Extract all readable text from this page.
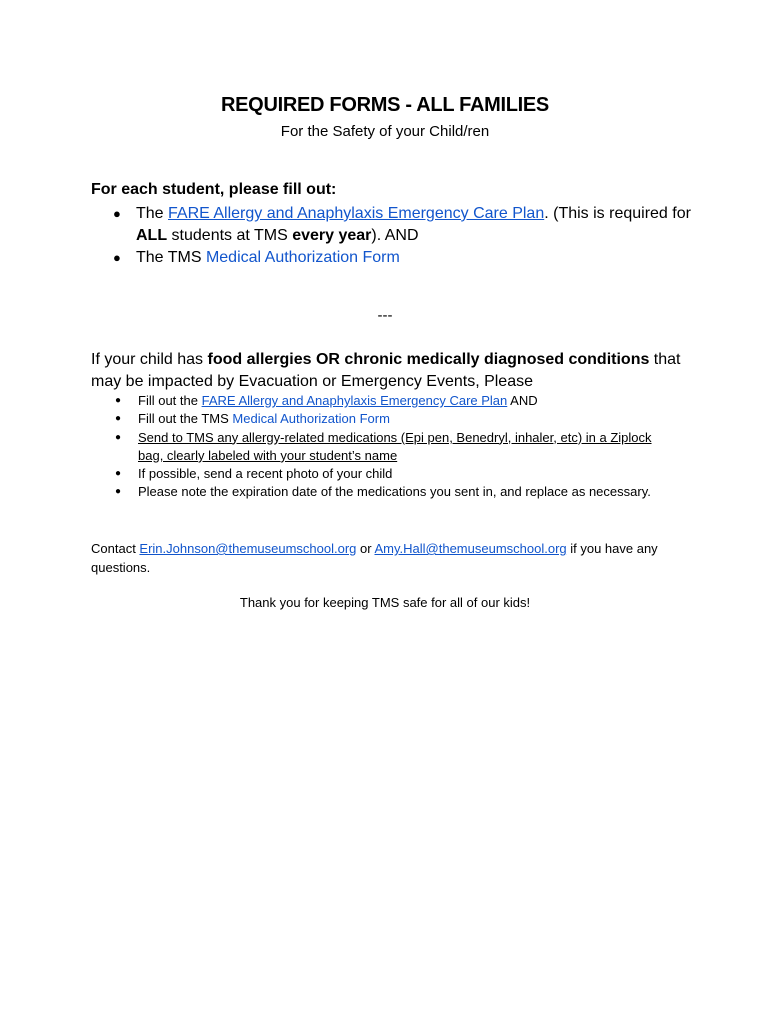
REQUIRED FORMS - ALL FAMILIES
For the Safety of your Child/ren
For each student, please fill out:
● The FARE Allergy and Anaphylaxis Emergency Care Plan. (This is required for ALL students at TMS every year). AND
● The TMS Medical Authorization Form
---
If your child has food allergies OR chronic medically diagnosed conditions that may be impacted by Evacuation or Emergency Events, Please
● Fill out the FARE Allergy and Anaphylaxis Emergency Care Plan AND
● Fill out the TMS Medical Authorization Form
● Send to TMS any allergy-related medications (Epi pen, Benedryl, inhaler, etc) in a Ziplock bag, clearly labeled with your student’s name
● If possible, send a recent photo of your child
● Please note the expiration date of the medications you sent in, and replace as necessary.
Contact Erin.Johnson@themuseumschool.org or Amy.Hall@themuseumschool.org if you have any questions.
Thank you for keeping TMS safe for all of our kids!
